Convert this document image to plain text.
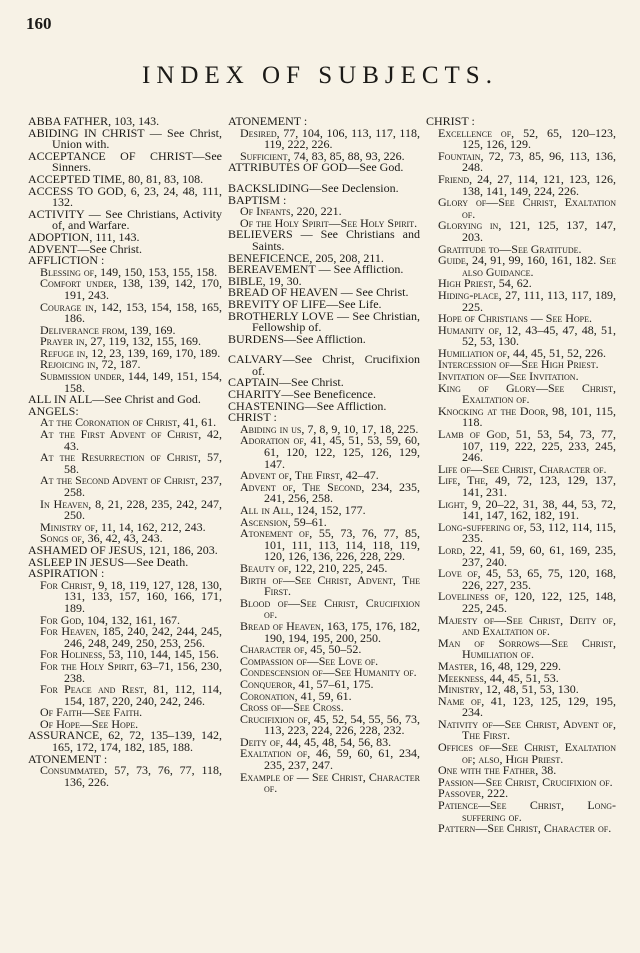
160
INDEX OF SUBJECTS.
ABBA FATHER, 103, 143.
ABIDING IN CHRIST — See Christ, Union with.
ACCEPTANCE OF CHRIST—See Sinners.
ACCEPTED TIME, 80, 81, 83, 108.
ACCESS TO GOD, 6, 23, 24, 48, 111, 132.
ACTIVITY — See Christians, Activity of, and Warfare.
ADOPTION, 111, 143.
ADVENT—See Christ.
AFFLICTION :
Blessing of, 149, 150, 153, 155, 158.
Comfort under, 138, 139, 142, 170, 191, 243.
Courage in, 142, 153, 154, 158, 165, 186.
Deliverance from, 139, 169.
Prayer in, 27, 119, 132, 155, 169.
Refuge in, 12, 23, 139, 169, 170, 189.
Rejoicing in, 72, 187.
Submission under, 144, 149, 151, 154, 158.
ALL IN ALL—See Christ and God.
ANGELS:
At the Coronation of Christ, 41, 61.
At the First Advent of Christ, 42, 43.
At the Resurrection of Christ, 57, 58.
At the Second Advent of Christ, 237, 258.
In Heaven, 8, 21, 228, 235, 242, 247, 250.
Ministry of, 11, 14, 162, 212, 243.
Songs of, 36, 42, 43, 243.
ASHAMED OF JESUS, 121, 186, 203.
ASLEEP IN JESUS—See Death.
ASPIRATION :
For Christ, 9, 18, 119, 127, 128, 130, 131, 133, 157, 160, 166, 171, 189.
For God, 104, 132, 161, 167.
For Heaven, 185, 240, 242, 244, 245, 246, 248, 249, 250, 253, 256.
For Holiness, 53, 110, 144, 145, 156.
For the Holy Spirit, 63–71, 156, 230, 238.
For Peace and Rest, 81, 112, 114, 154, 187, 220, 240, 242, 246.
Of Faith—See Faith.
Of Hope—See Hope.
ASSURANCE, 62, 72, 135–139, 142, 165, 172, 174, 182, 185, 188.
ATONEMENT :
Consummated, 57, 73, 76, 77, 118, 136, 226.
ATONEMENT :
Desired, 77, 104, 106, 113, 117, 118, 119, 222, 226.
Sufficient, 74, 83, 85, 88, 93, 226.
ATTRIBUTES OF GOD—See God.
BACKSLIDING—See Declension.
BAPTISM :
Of Infants, 220, 221.
Of the Holy Spirit—See Holy Spirit.
BELIEVERS — See Christians and Saints.
BENEFICENCE, 205, 208, 211.
BEREAVEMENT — See Affliction.
BIBLE, 19, 30.
BREAD OF HEAVEN — See Christ.
BREVITY OF LIFE—See Life.
BROTHERLY LOVE — See Christian, Fellowship of.
BURDENS—See Affliction.
CALVARY—See Christ, Crucifixion of.
CAPTAIN—See Christ.
CHARITY—See Beneficence.
CHASTENING—See Affliction.
CHRIST :
Abiding in us, 7, 8, 9, 10, 17, 18, 225.
Adoration of, 41, 45, 51, 53, 59, 60, 61, 120, 122, 125, 126, 129, 147.
Advent of, The First, 42–47.
Advent of, The Second, 234, 235, 241, 256, 258.
All in All, 124, 152, 177.
Ascension, 59–61.
Atonement of, 55, 73, 76, 77, 85, 101, 111, 113, 114, 118, 119, 120, 126, 136, 226, 228, 229.
Beauty of, 122, 210, 225, 245.
Birth of—See Christ, Advent, The First.
Blood of—See Christ, Crucifixion of.
Bread of Heaven, 163, 175, 176, 182, 190, 194, 195, 200, 250.
Character of, 45, 50–52.
Compassion of—See Love of.
Condescension of—See Humanity of.
Conqueror, 41, 57–61, 175.
Coronation, 41, 59, 61.
Cross of—See Cross.
Crucifixion of, 45, 52, 54, 55, 56, 73, 113, 223, 224, 226, 228, 232.
Deity of, 44, 45, 48, 54, 56, 83.
Exaltation of, 46, 59, 60, 61, 234, 235, 237, 247.
Example of — See Christ, Character of.
CHRIST :
Excellence of, 52, 65, 120–123, 125, 126, 129.
Fountain, 72, 73, 85, 96, 113, 136, 248.
Friend, 24, 27, 114, 121, 123, 126, 138, 141, 149, 224, 226.
Glory of—See Christ, Exaltation of.
Glorying in, 121, 125, 137, 147, 203.
Gratitude to—See Gratitude.
Guide, 24, 91, 99, 160, 161, 182. See also Guidance.
High Priest, 54, 62.
Hiding-place, 27, 111, 113, 117, 189, 225.
Hope of Christians — See Hope.
Humanity of, 12, 43–45, 47, 48, 51, 52, 53, 130.
Humiliation of, 44, 45, 51, 52, 226.
Intercession of—See High Priest.
Invitation of—See Invitation.
King of Glory—See Christ, Exaltation of.
Knocking at the Door, 98, 101, 115, 118.
Lamb of God, 51, 53, 54, 73, 77, 107, 119, 222, 225, 233, 245, 246.
Life of—See Christ, Character of.
Life, The, 49, 72, 123, 129, 137, 141, 231.
Light, 9, 20–22, 31, 38, 44, 53, 72, 141, 147, 162, 182, 191.
Long-suffering of, 53, 112, 114, 115, 235.
Lord, 22, 41, 59, 60, 61, 169, 235, 237, 240.
Love of, 45, 53, 65, 75, 120, 168, 226, 227, 235.
Loveliness of, 120, 122, 125, 148, 225, 245.
Majesty of—See Christ, Deity of, and Exaltation of.
Man of Sorrows—See Christ, Humiliation of.
Master, 16, 48, 129, 229.
Meekness, 44, 45, 51, 53.
Ministry, 12, 48, 51, 53, 130.
Name of, 41, 123, 125, 129, 195, 234.
Nativity of—See Christ, Advent of, The First.
Offices of—See Christ, Exaltation of; also, High Priest.
One with the Father, 38.
Passion—See Christ, Crucifixion of.
Passover, 222.
Patience—See Christ, Long-suffering of.
Pattern—See Christ, Character of.
